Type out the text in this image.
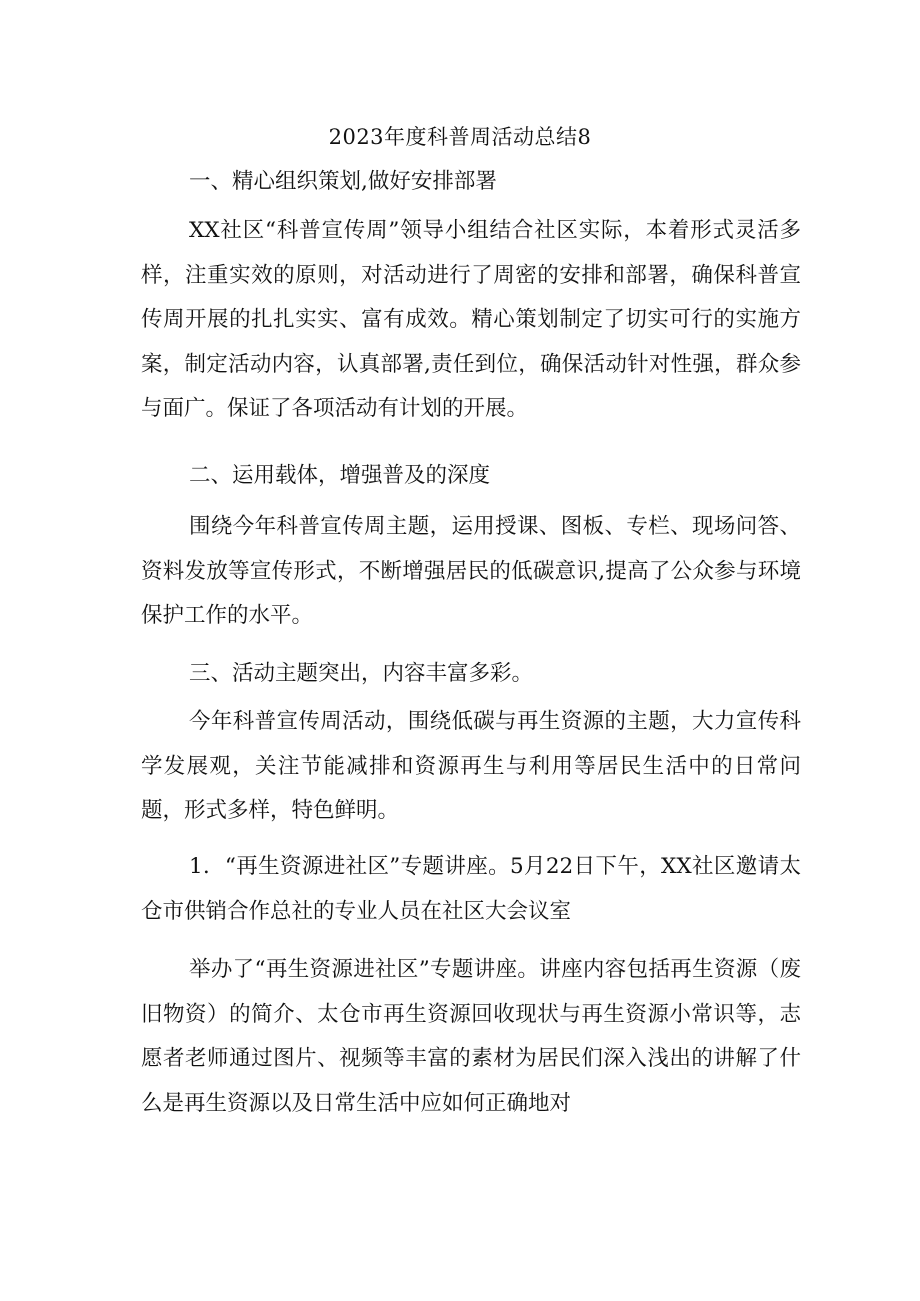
2023年度科普周活动总结8
一、精心组织策划,做好安排部署

XX社区“科普宣传周”领导小组结合社区实际，本着形式灵活多样，注重实效的原则，对活动进行了周密的安排和部署，确保科普宣传周开展的扎扎实实、富有成效。精心策划制定了切实可行的实施方案，制定活动内容，认真部署,责任到位，确保活动针对性强，群众参与面广。保证了各项活动有计划的开展。

二、运用载体，增强普及的深度

围绕今年科普宣传周主题，运用授课、图板、专栏、现场问答、资料发放等宣传形式，不断增强居民的低碳意识,提高了公众参与环境保护工作的水平。

三、活动主题突出，内容丰富多彩。

今年科普宣传周活动，围绕低碳与再生资源的主题，大力宣传科学发展观，关注节能减排和资源再生与利用等居民生活中的日常问题，形式多样，特色鲜明。

1．“再生资源进社区”专题讲座。5月22日下午，XX社区邀请太仓市供销合作总社的专业人员在社区大会议室

举办了“再生资源进社区”专题讲座。讲座内容包括再生资源（废旧物资）的简介、太仓市再生资源回收现状与再生资源小常识等，志愿者老师通过图片、视频等丰富的素材为居民们深入浅出的讲解了什么是再生资源以及日常生活中应如何正确地对
